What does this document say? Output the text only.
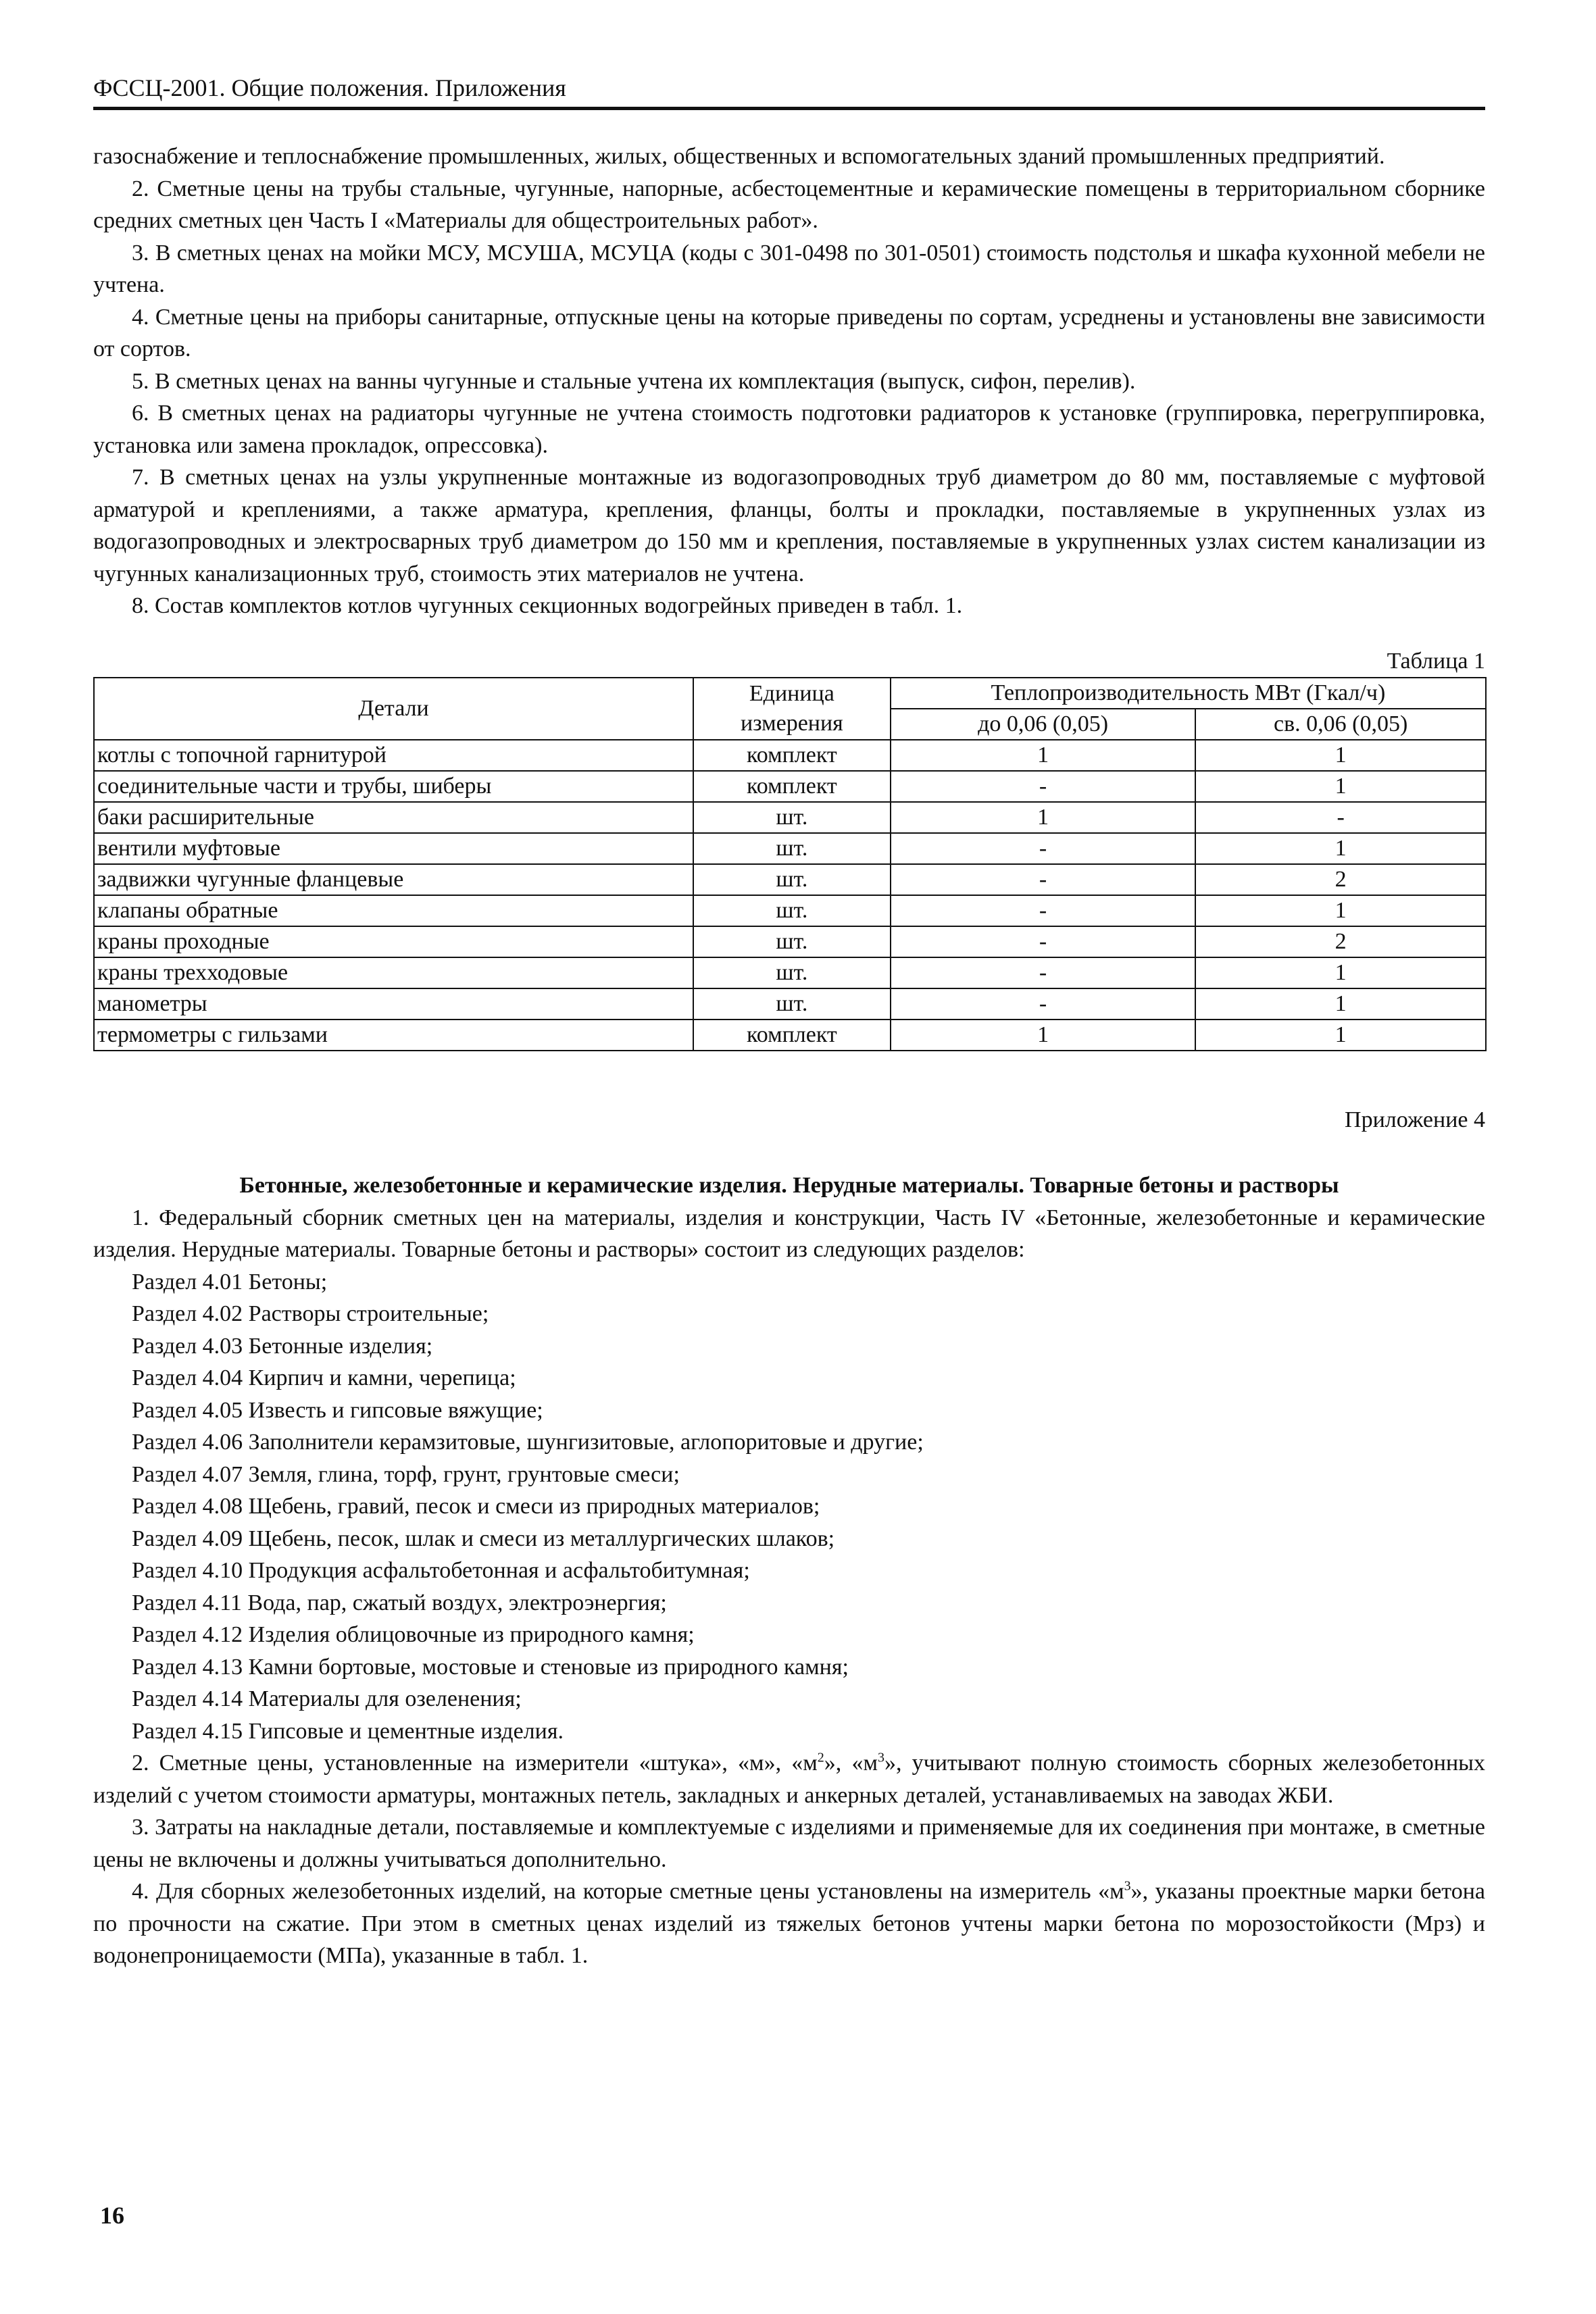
ФССЦ-2001. Общие положения. Приложения

газоснабжение и теплоснабжение промышленных, жилых, общественных и вспомогательных зданий промышленных предприятий.

2. Сметные цены на трубы стальные, чугунные, напорные, асбестоцементные и керамические помещены в территориальном сборнике средних сметных цен Часть I «Материалы для общестроительных работ».

3. В сметных ценах на мойки МСУ, МСУША, МСУЦА (коды с 301-0498 по 301-0501) стоимость подстолья и шкафа кухонной мебели не учтена.

4. Сметные цены на приборы санитарные, отпускные цены на которые приведены по сортам, усреднены и установлены вне зависимости от сортов.

5. В сметных ценах на ванны чугунные и стальные учтена их комплектация (выпуск, сифон, перелив).

6. В сметных ценах на радиаторы чугунные не учтена стоимость подготовки радиаторов к установке (группировка, перегруппировка, установка или замена прокладок, опрессовка).

7. В сметных ценах на узлы укрупненные монтажные из водогазопроводных труб диаметром до 80 мм, поставляемые с муфтовой арматурой и креплениями, а также арматура, крепления, фланцы, болты и прокладки, поставляемые в укрупненных узлах из водогазопроводных и электросварных труб диаметром до 150 мм и крепления, поставляемые в укрупненных узлах систем канализации из чугунных канализационных труб, стоимость этих материалов не учтена.

8. Состав комплектов котлов чугунных секционных водогрейных приведен в табл. 1.

Таблица 1
Детали	Единица измерения	Теплопроизводительность МВт (Гкал/ч)	
		до 0,06 (0,05)	св. 0,06 (0,05)
котлы с топочной гарнитурой	комплект	1	1
соединительные части и трубы, шиберы	комплект	-	1
баки расширительные	шт.	1	-
вентили муфтовые	шт.	-	1
задвижки чугунные фланцевые	шт.	-	2
клапаны обратные	шт.	-	1
краны проходные	шт.	-	2
краны трехходовые	шт.	-	1
манометры	шт.	-	1
термометры с гильзами	комплект	1	1
Приложение 4
Бетонные, железобетонные и керамические изделия. Нерудные материалы. Товарные бетоны и растворы

1. Федеральный сборник сметных цен на материалы, изделия и конструкции, Часть IV «Бетонные, железобетонные и керамические изделия. Нерудные материалы. Товарные бетоны и растворы» состоит из следующих разделов:

Раздел 4.01 Бетоны;

Раздел 4.02 Растворы строительные;

Раздел 4.03 Бетонные изделия;

Раздел 4.04 Кирпич и камни, черепица;

Раздел 4.05 Известь и гипсовые вяжущие;

Раздел 4.06 Заполнители керамзитовые, шунгизитовые, аглопоритовые и другие;

Раздел 4.07 Земля, глина, торф, грунт, грунтовые смеси;

Раздел 4.08 Щебень, гравий, песок и смеси из природных материалов;

Раздел 4.09 Щебень, песок, шлак и смеси из металлургических шлаков;

Раздел 4.10 Продукция асфальтобетонная и асфальтобитумная;

Раздел 4.11 Вода, пар, сжатый воздух, электроэнергия;

Раздел 4.12 Изделия облицовочные из природного камня;

Раздел 4.13 Камни бортовые, мостовые и стеновые из природного камня;

Раздел 4.14 Материалы для озеленения;

Раздел 4.15 Гипсовые и цементные изделия.

2. Сметные цены, установленные на измерители «штука», «м», «$м^2$», «$м^3$», учитывают полную стоимость сборных железобетонных изделий с учетом стоимости арматуры, монтажных петель, закладных и анкерных деталей, устанавливаемых на заводах ЖБИ.

3. Затраты на накладные детали, поставляемые и комплектуемые с изделиями и применяемые для их соединения при монтаже, в сметные цены не включены и должны учитываться дополнительно.

4. Для сборных железобетонных изделий, на которые сметные цены установлены на измеритель «$м^3$», указаны проектные марки бетона по прочности на сжатие. При этом в сметных ценах изделий из тяжелых бетонов учтены марки бетона по морозостойкости (Мрз) и водонепроницаемости (МПа), указанные в табл. 1.

16
